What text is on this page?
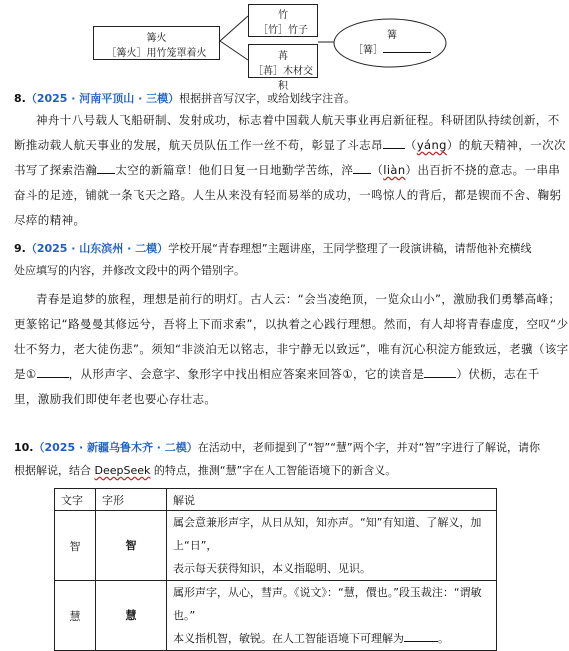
篝火
［篝火］用竹笼罩着火
竹
［竹］竹子
苒
［苒］木材交积
篝
［篝］
8.（2025 · 河南平顶山 · 三模）根据拼音写汉字，或给划线字注音。
神舟十八号载人飞船研制、发射成功，标志着中国载人航天事业再启新征程。科研团队持续创新，不
断推动载人航天事业的发展，航天员队伍工作一丝不苟，彰显了斗志昂 （yáng）的航天精神，一次次
书写了探索浩瀚 太空的新篇章！他们日复一日地勤学苦练，淬 （liàn）出百折不挠的意志。一串串
奋斗的足迹，铺就一条飞天之路。人生从来没有轻而易举的成功，一鸣惊人的背后，都是锲而不舍、鞠躬
尽瘁的精神。
9.（2025 · 山东滨州 · 二模）学校开展“青春理想”主题讲座，王同学整理了一段演讲稿，请帮他补充横线
处应填写的内容，并修改文段中的两个错别字。
青春是追梦的旅程，理想是前行的明灯。古人云：“会当凌绝顶，一览众山小”，激励我们勇攀高峰；
更篆铭记“路曼曼其修远兮，吾将上下而求索”，以执着之心践行理想。然而，有人却将青春虚度，空叹“少
壮不努力，老大徒伤悲”。须知“非淡泊无以铭志，非宁静无以致远”，唯有沉心积淀方能致远，老骥（该字
是①	，从形声字、会意字、象形字中找出相应答案来回答①，它的读音是	）伏枥，志在千
里，激励我们即使年老也要心存壮志。
10.（2025 · 新疆乌鲁木齐 · 二模）在活动中，老师提到了“智”“慧”两个字，并对“智”字进行了解说，请你
根据解说，结合 DeepSeek 的特点，推测“慧”字在人工智能语境下的新含义。
文字	字形	解说
智	智	属会意兼形声字，从日从知，知亦声。“知”有知道、了解义，加上“日”，
表示每天获得知识，本义指聪明、见识。

慧	慧	属形声字，从心，彗声。《说文》：“慧，儇也。”段玉裁注：“谓敏也。”
本义指机智，敏锐。在人工智能语境下可理解为 。
